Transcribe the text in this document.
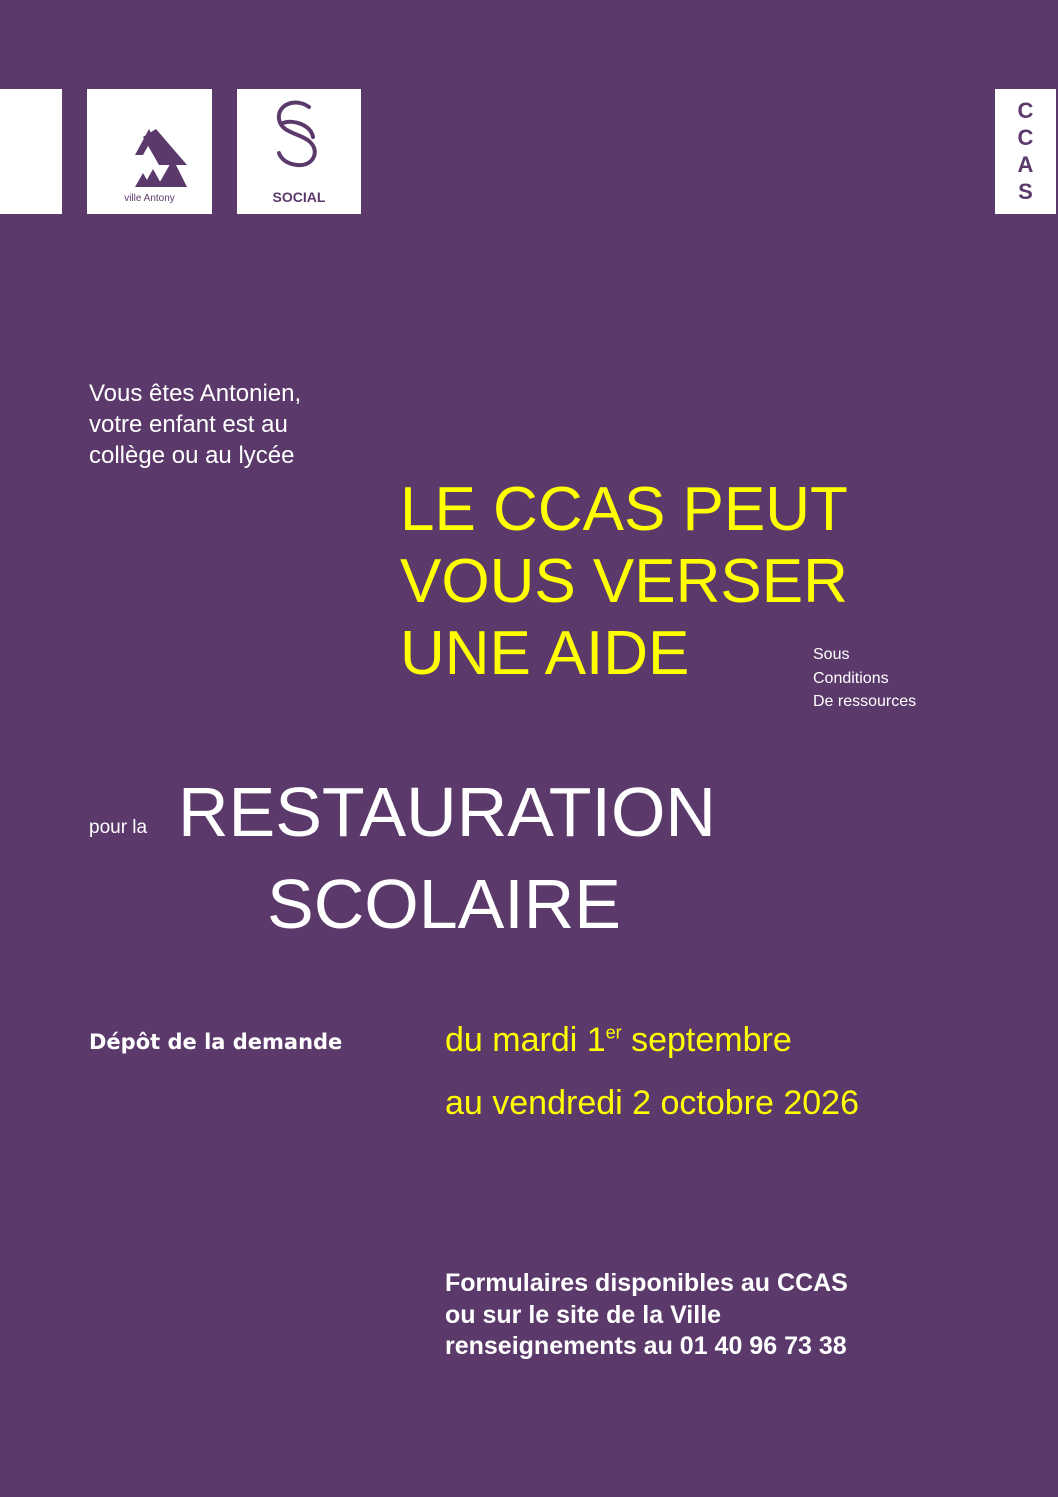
ville Antony	SOCIAL
C
C
A
S
Vous êtes Antonien,
votre enfant est au
collège ou au lycée
LE CCAS PEUT
VOUS VERSER
UNE AIDE	Sous
Conditions
De ressources
pour la RESTAURATION
SCOLAIRE
Dépôt de la demande	du mardi 1er septembre
au vendredi 2 octobre 2026
Formulaires disponibles au CCAS
ou sur le site de la Ville
renseignements au 01 40 96 73 38
